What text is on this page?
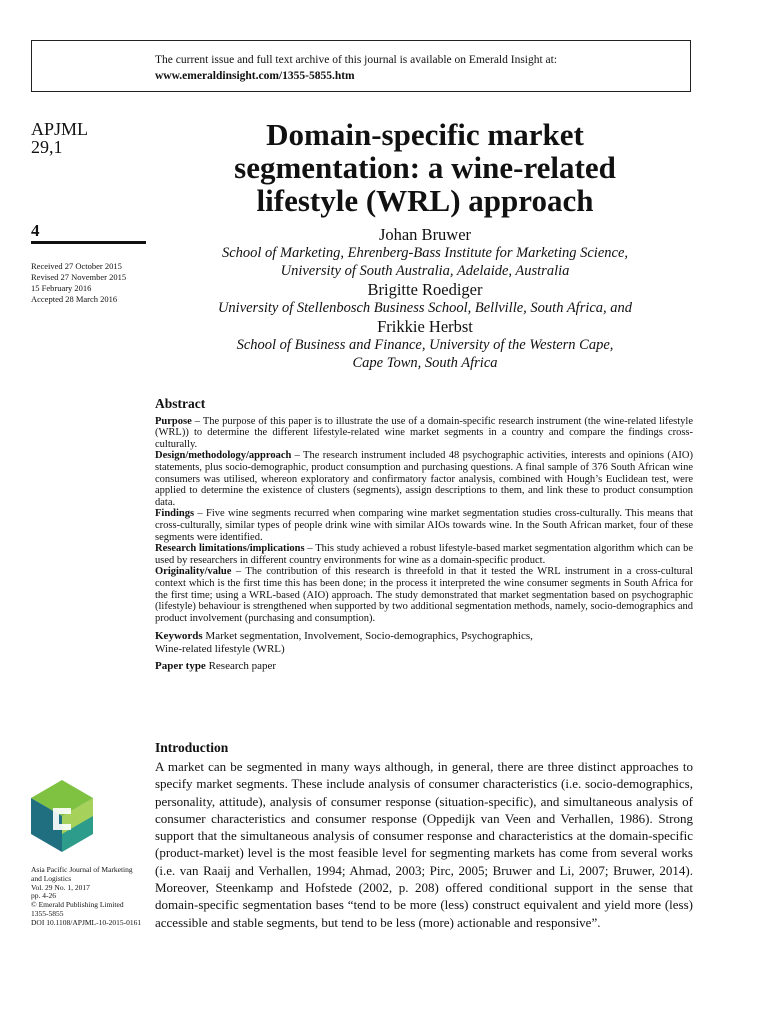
The current issue and full text archive of this journal is available on Emerald Insight at:
www.emeraldinsight.com/1355-5855.htm
APJML
29,1
4
Received 27 October 2015
Revised 27 November 2015
15 February 2016
Accepted 28 March 2016
Domain-specific market
segmentation: a wine-related
lifestyle (WRL) approach
Johan Bruwer
School of Marketing, Ehrenberg-Bass Institute for Marketing Science,
University of South Australia, Adelaide, Australia
Brigitte Roediger
University of Stellenbosch Business School, Bellville, South Africa, and
Frikkie Herbst
School of Business and Finance, University of the Western Cape,
Cape Town, South Africa
Abstract

Purpose – The purpose of this paper is to illustrate the use of a domain-specific research instrument (the wine-related lifestyle (WRL)) to determine the different lifestyle-related wine market segments in a country and compare the findings cross-culturally.

Design/methodology/approach – The research instrument included 48 psychographic activities, interests and opinions (AIO) statements, plus socio-demographic, product consumption and purchasing questions. A final sample of 376 South African wine consumers was utilised, whereon exploratory and confirmatory factor analysis, combined with Hough’s Euclidean test, were applied to determine the existence of clusters (segments), assign descriptions to them, and link these to product consumption data.

Findings – Five wine segments recurred when comparing wine market segmentation studies cross-culturally. This means that cross-culturally, similar types of people drink wine with similar AIOs towards wine. In the South African market, four of these segments were identified.

Research limitations/implications – This study achieved a robust lifestyle-based market segmentation algorithm which can be used by researchers in different country environments for wine as a domain-specific product.

Originality/value – The contribution of this research is threefold in that it tested the WRL instrument in a cross-cultural context which is the first time this has been done; in the process it interpreted the wine consumer segments in South Africa for the first time; using a WRL-based (AIO) approach. The study demonstrated that market segmentation based on psychographic (lifestyle) behaviour is strengthened when supported by two additional segmentation methods, namely, socio-demographics and product involvement (purchasing and consumption).

Keywords Market segmentation, Involvement, Socio-demographics, Psychographics,
Wine-related lifestyle (WRL)
Paper type Research paper
Introduction
A market can be segmented in many ways although, in general, there are three distinct approaches to specify market segments. These include analysis of consumer characteristics (i.e. socio-demographics, personality, attitude), analysis of consumer response (situation-specific), and simultaneous analysis of consumer characteristics and consumer response (Oppedijk van Veen and Verhallen, 1986). Strong support that the simultaneous analysis of consumer response and characteristics at the domain-specific (product-market) level is the most feasible level for segmenting markets has come from several works (i.e. van Raaij and Verhallen, 1994; Ahmad, 2003; Pirc, 2005; Bruwer and Li, 2007; Bruwer, 2014). Moreover, Steenkamp and Hofstede (2002, p. 208) offered conditional support in the sense that domain-specific segmentation bases “tend to be more (less) construct equivalent and yield more (less) accessible and stable segments, but tend to be less (more) actionable and responsive”.
Asia Pacific Journal of Marketing
and Logistics
Vol. 29 No. 1, 2017
pp. 4-26
© Emerald Publishing Limited
1355-5855
DOI 10.1108/APJML-10-2015-0161
